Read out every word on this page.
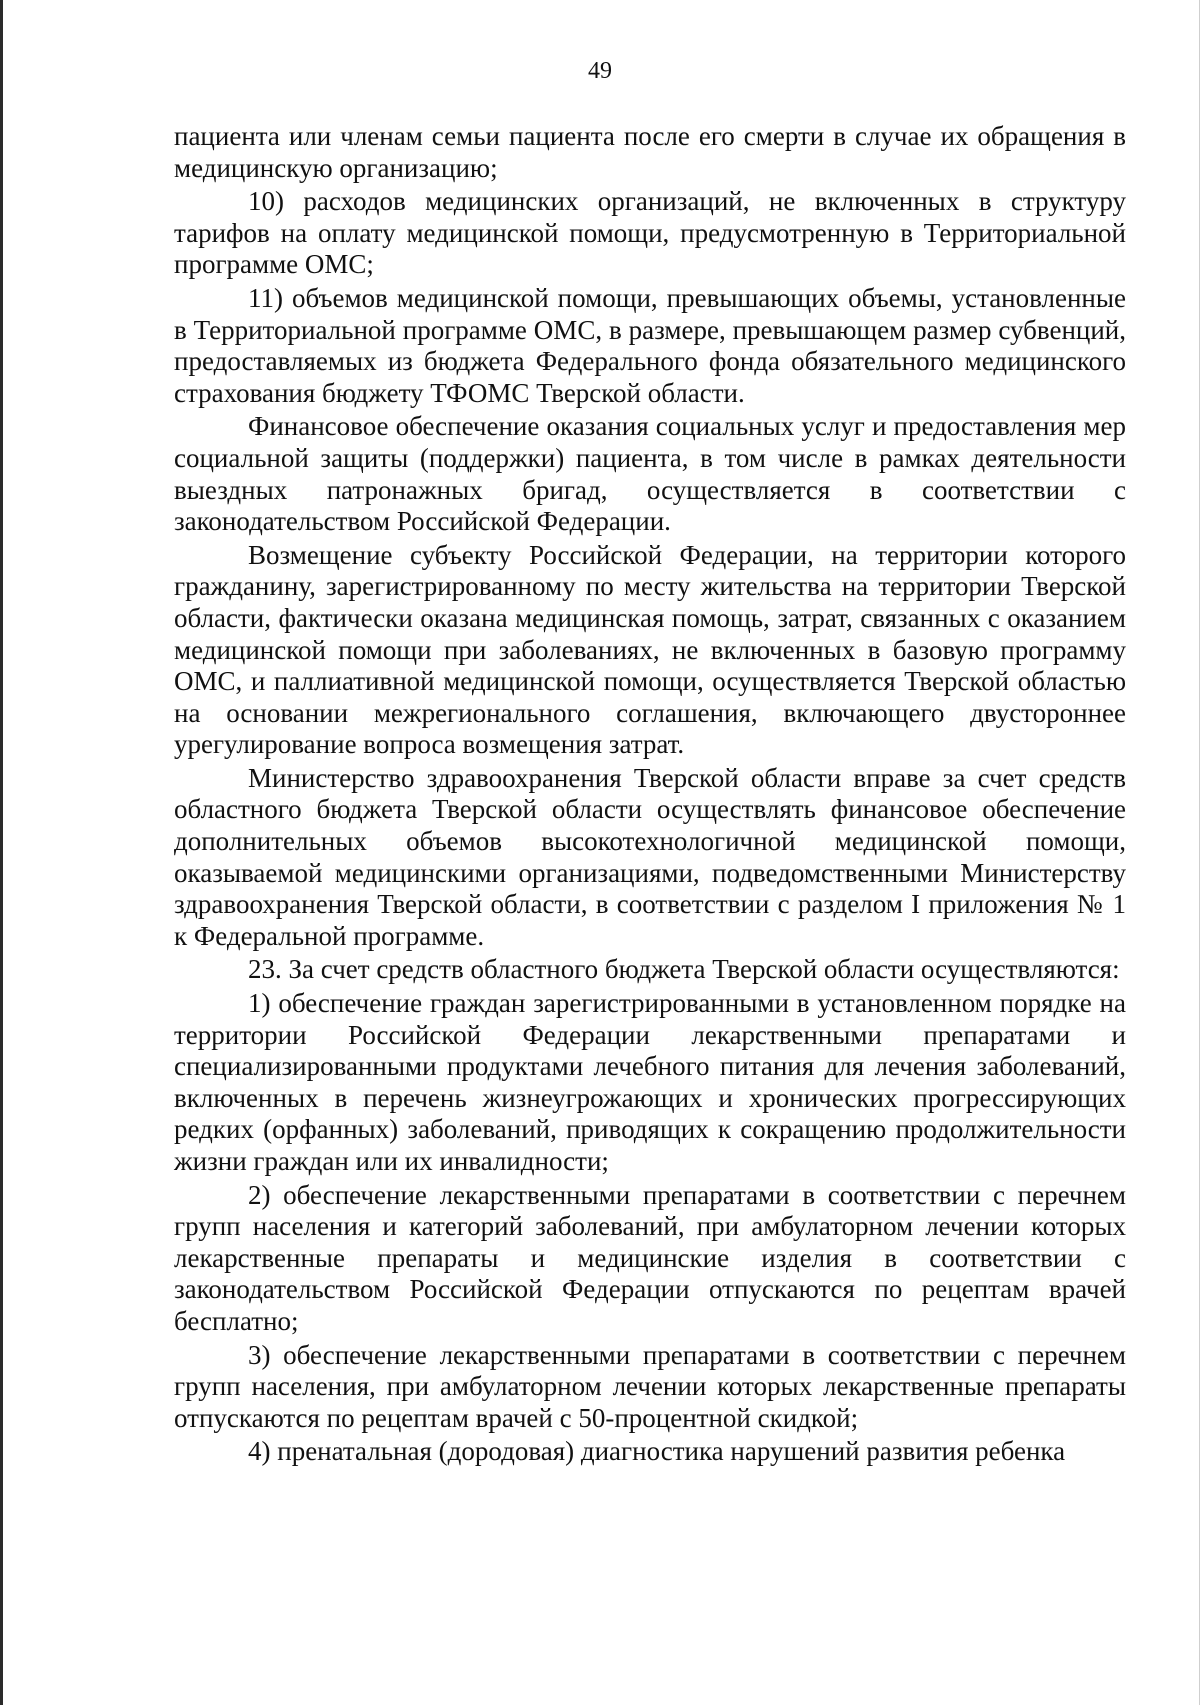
49

пациента или членам семьи пациента после его смерти в случае их обращения в медицинскую организацию;

10) расходов медицинских организаций, не включенных в структуру тарифов на оплату медицинской помощи, предусмотренную в Территориальной программе ОМС;

11) объемов медицинской помощи, превышающих объемы, установленные в Территориальной программе ОМС, в размере, превышающем размер субвенций, предоставляемых из бюджета Федерального фонда обязательного медицинского страхования бюджету ТФОМС Тверской области.

Финансовое обеспечение оказания социальных услуг и предоставления мер социальной защиты (поддержки) пациента, в том числе в рамках деятельности выездных патронажных бригад, осуществляется в соответствии с законодательством Российской Федерации.

Возмещение субъекту Российской Федерации, на территории которого гражданину, зарегистрированному по месту жительства на территории Тверской области, фактически оказана медицинская помощь, затрат, связанных с оказанием медицинской помощи при заболеваниях, не включенных в базовую программу ОМС, и паллиативной медицинской помощи, осуществляется Тверской областью на основании межрегионального соглашения, включающего двустороннее урегулирование вопроса возмещения затрат.

Министерство здравоохранения Тверской области вправе за счет средств областного бюджета Тверской области осуществлять финансовое обеспечение дополнительных объемов высокотехнологичной медицинской помощи, оказываемой медицинскими организациями, подведомственными Министерству здравоохранения Тверской области, в соответствии с разделом I приложения № 1 к Федеральной программе.

23. За счет средств областного бюджета Тверской области осуществляются:

1) обеспечение граждан зарегистрированными в установленном порядке на территории Российской Федерации лекарственными препаратами и специализированными продуктами лечебного питания для лечения заболеваний, включенных в перечень жизнеугрожающих и хронических прогрессирующих редких (орфанных) заболеваний, приводящих к сокращению продолжительности жизни граждан или их инвалидности;

2) обеспечение лекарственными препаратами в соответствии с перечнем групп населения и категорий заболеваний, при амбулаторном лечении которых лекарственные препараты и медицинские изделия в соответствии с законодательством Российской Федерации отпускаются по рецептам врачей бесплатно;

3) обеспечение лекарственными препаратами в соответствии с перечнем групп населения, при амбулаторном лечении которых лекарственные препараты отпускаются по рецептам врачей с 50-процентной скидкой;

4) пренатальная (дородовая) диагностика нарушений развития ребенка
